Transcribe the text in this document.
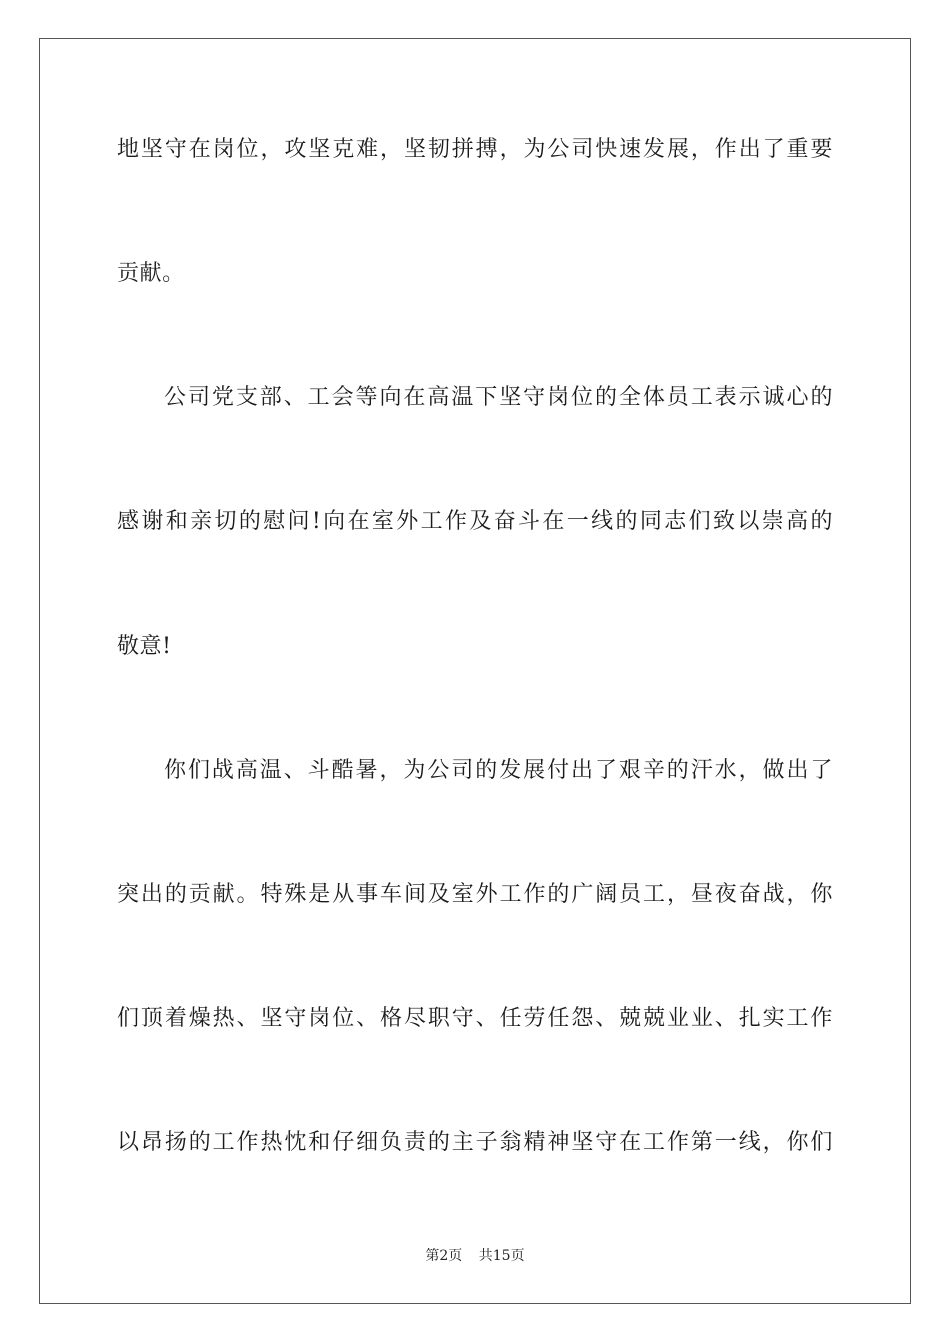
地坚守在岗位，攻坚克难，坚韧拼搏，为公司快速发展，作出了重要
贡献。
公司党支部、工会等向在高温下坚守岗位的全体员工表示诚心的
感谢和亲切的慰问!向在室外工作及奋斗在一线的同志们致以崇高的
敬意!
你们战高温、斗酷暑，为公司的发展付出了艰辛的汗水，做出了
突出的贡献。特殊是从事车间及室外工作的广阔员工，昼夜奋战，你
们顶着燥热、坚守岗位、格尽职守、任劳任怨、兢兢业业、扎实工作
以昂扬的工作热忱和仔细负责的主子翁精神坚守在工作第一线，你们
第2页 共15页
